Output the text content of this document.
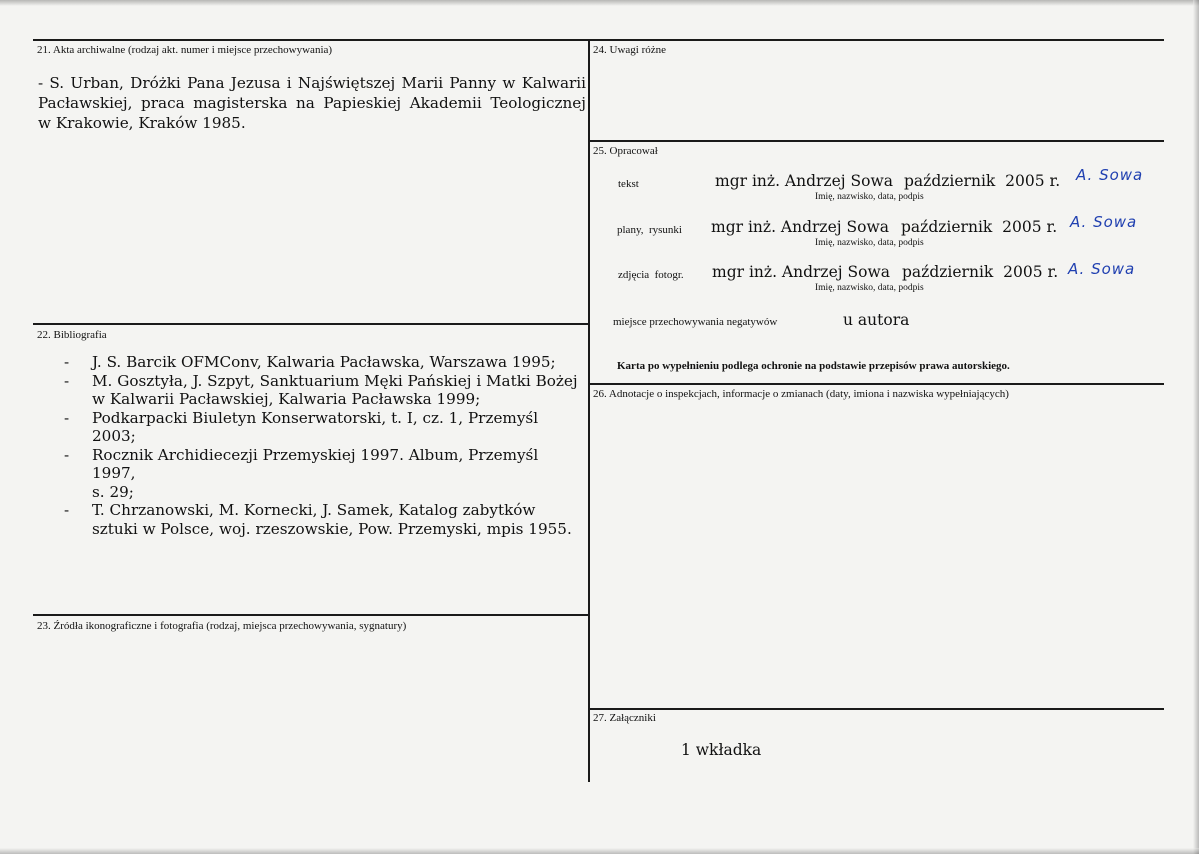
21. Akta archiwalne (rodzaj akt. numer i miejsce przechowywania)
- S. Urban, Dróżki Pana Jezusa i Najświętszej Marii Panny w Kalwarii
Pacławskiej, praca magisterska na Papieskiej Akademii Teologicznej
w Krakowie, Kraków 1985.
22. Bibliografia
- J. S. Barcik OFMConv, Kalwaria Pacławska, Warszawa 1995;
- M. Gosztyła, J. Szpyt, Sanktuarium Męki Pańskiej i Matki Bożej
w Kalwarii Pacławskiej, Kalwaria Pacławska 1999;
- Podkarpacki Biuletyn Konserwatorski, t. I, cz. 1, Przemyśl 2003;
- Rocznik Archidiecezji Przemyskiej 1997. Album, Przemyśl 1997,
s. 29;
- T. Chrzanowski, M. Kornecki, J. Samek, Katalog zabytków
sztuki w Polsce, woj. rzeszowskie, Pow. Przemyski, mpis 1955.
23. Źródła ikonograficzne i fotografia (rodzaj, miejsca przechowywania, sygnatury)
24. Uwagi różne
25. Opracował
tekst	mgr inż. Andrzej Sowa październik  2005 r. A. Sowa
Imię, nazwisko, data, podpis
plany,  rysunki mgr inż. Andrzej Sowa październik  2005 r. A. Sowa
Imię, nazwisko, data, podpis
zdjęcia  fotogr. mgr inż. Andrzej Sowa październik  2005 r. A. Sowa
Imię, nazwisko, data, podpis
miejsce przechowywania negatywów	u autora
Karta po wypełnieniu podlega ochronie na podstawie przepisów prawa autorskiego.
26. Adnotacje o inspekcjach, informacje o zmianach (daty, imiona i nazwiska wypełniających)
27. Załączniki
1 wkładka
